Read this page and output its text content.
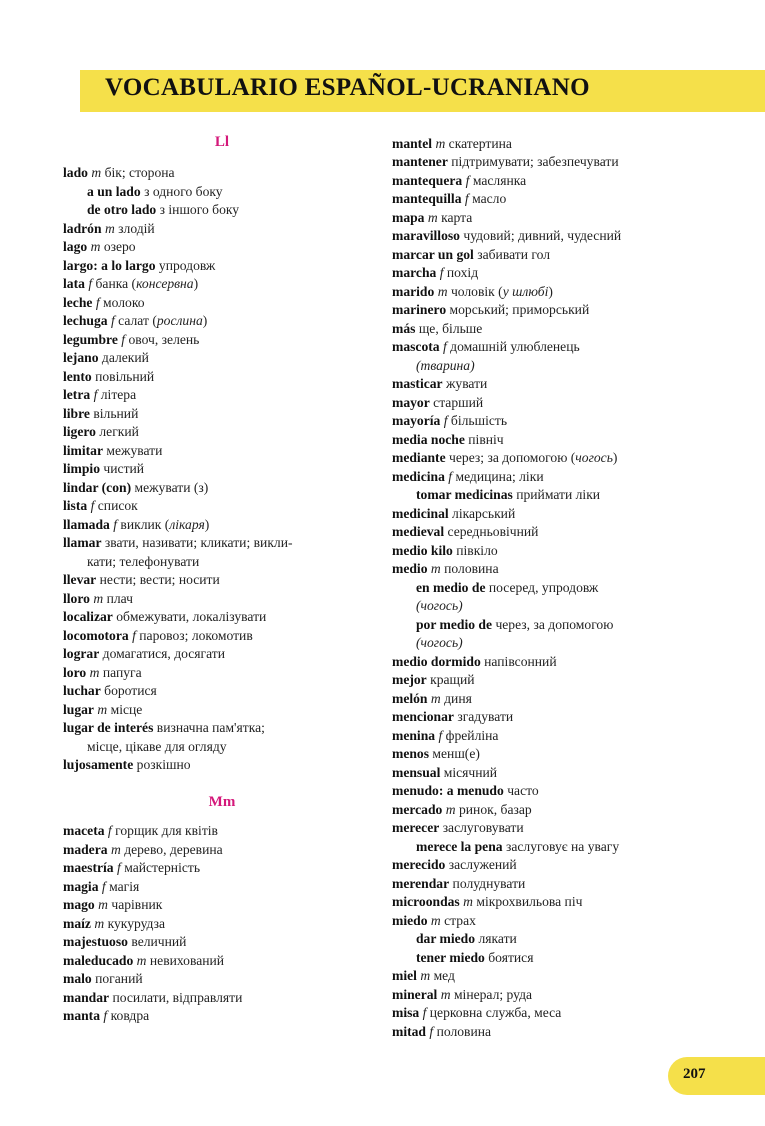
VOCABULARIO ESPAÑOL-UCRANIANO
Ll
Mm
lado m бік; сторона
a un lado з одного боку
de otro lado з іншого боку
ladrón m злодій
lago m озеро
largo: a lo largo упродовж
lata f банка (консервна)
leche f молоко
lechuga f салат (рослина)
legumbre f овоч, зелень
lejano далекий
lento повільний
letra f літера
libre вільний
ligero легкий
limitar межувати
limpio чистий
lindar (con) межувати (з)
lista f список
llamada f виклик (лікаря)
llamar звати, називати; кликати; викли-
кати; телефонувати
llevar нести; вести; носити
lloro m плач
localizar обмежувати, локалізувати
locomotora f паровоз; локомотив
lograr домагатися, досягати
loro m папуга
luchar боротися
lugar m місце
lugar de interés визначна пам'ятка;
місце, цікаве для огляду
lujosamente розкішно
maceta f горщик для квітів
madera m дерево, деревина
maestría f майстерність
magia f магія
mago m чарівник
maíz m кукурудза
majestuoso величний
maleducado m невихований
malo поганий
mandar посилати, відправляти
manta f ковдра
mantel m скатертина
mantener підтримувати; забезпечувати
mantequera f маслянка
mantequilla f масло
mapa m карта
maravilloso чудовий; дивний, чудесний
marcar un gol забивати гол
marcha f похід
marido m чоловік (у шлюбі)
marinero морський; приморський
más ще, більше
mascota f домашній улюбленець
(тварина)
masticar жувати
mayor старший
mayoría f більшість
media noche північ
mediante через; за допомогою (чогось)
medicina f медицина; ліки
tomar medicinas приймати ліки
medicinal лікарський
medieval середньовічний
medio kilo півкіло
medio m половина
en medio de посеред, упродовж
(чогось)
por medio de через, за допомогою
(чогось)
medio dormido напівсонний
mejor кращий
melón m диня
mencionar згадувати
menina f фрейліна
menos менш(е)
mensual місячний
menudo: a menudo часто
mercado m ринок, базар
merecer заслуговувати
merece la pena заслуговує на увагу
merecido заслужений
merendar полуднувати
microondas m мікрохвильова піч
miedo m страх
dar miedo лякати
tener miedo боятися
miel m мед
mineral m мінерал; руда
misa f церковна служба, меса
mitad f половина
207
